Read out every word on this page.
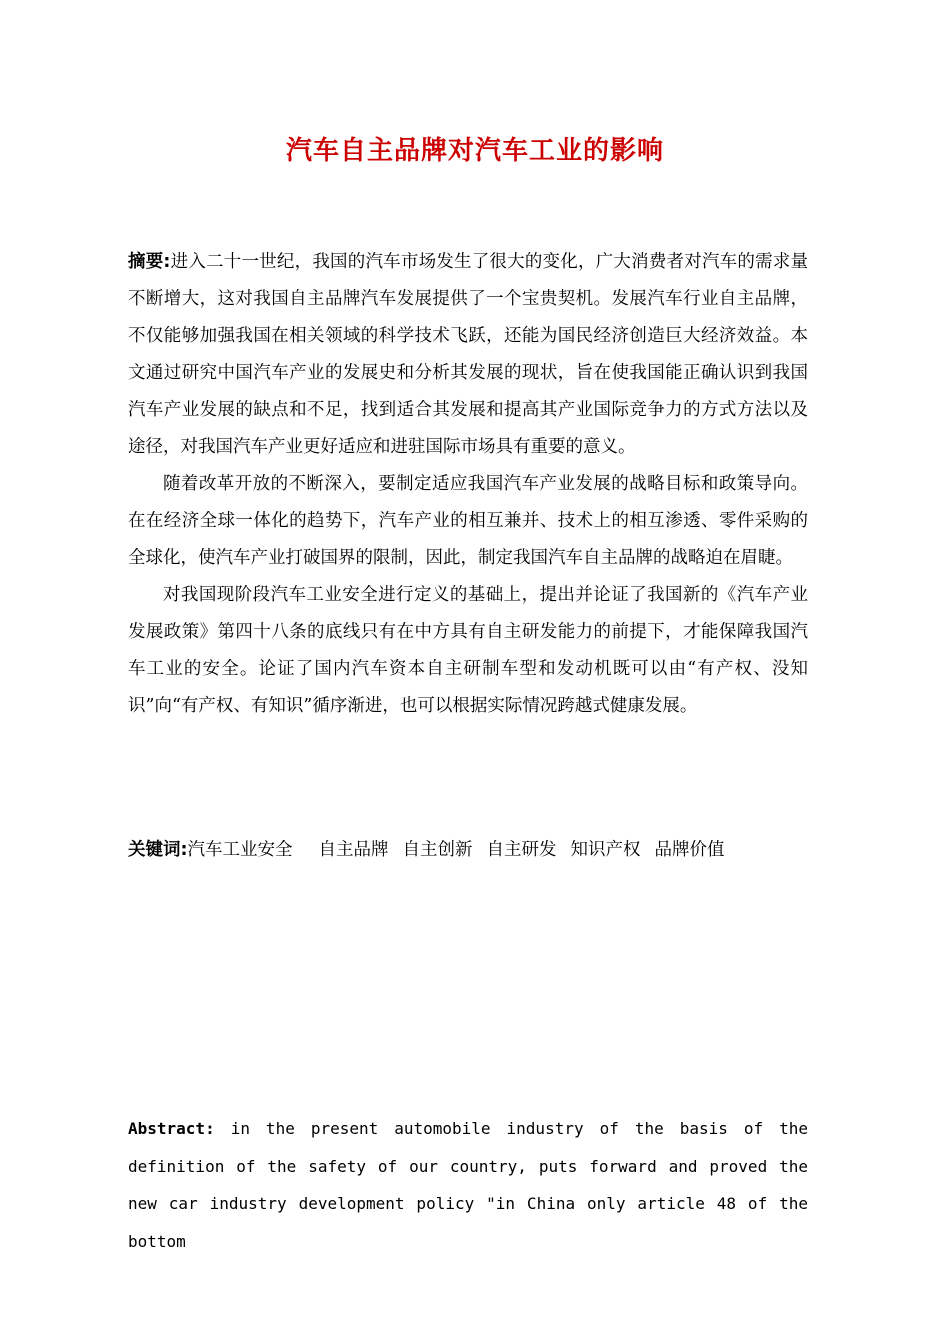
汽车自主品牌对汽车工业的影响

摘要:进入二十一世纪，我国的汽车市场发生了很大的变化，广大消费者对汽车的需求量不断增大，这对我国自主品牌汽车发展提供了一个宝贵契机。发展汽车行业自主品牌，不仅能够加强我国在相关领域的科学技术飞跃，还能为国民经济创造巨大经济效益。本文通过研究中国汽车产业的发展史和分析其发展的现状，旨在使我国能正确认识到我国汽车产业发展的缺点和不足，找到适合其发展和提高其产业国际竞争力的方式方法以及途径，对我国汽车产业更好适应和进驻国际市场具有重要的意义。

随着改革开放的不断深入，要制定适应我国汽车产业发展的战略目标和政策导向。在在经济全球一体化的趋势下，汽车产业的相互兼并、技术上的相互渗透、零件采购的全球化，使汽车产业打破国界的限制，因此，制定我国汽车自主品牌的战略迫在眉睫。

对我国现阶段汽车工业安全进行定义的基础上，提出并论证了我国新的《汽车产业发展政策》第四十八条的底线只有在中方具有自主研发能力的前提下，才能保障我国汽车工业的安全。论证了国内汽车资本自主研制车型和发动机既可以由“有产权、没知识”向“有产权、有知识”循序渐进，也可以根据实际情况跨越式健康发展。

关键词:汽车工业安全 自主品牌 自主创新 自主研发 知识产权 品牌价值
Abstract: in the present automobile industry of the basis of the definition of the safety of our country, puts forward and proved the new car industry development policy "in China only article 48 of the bottom
